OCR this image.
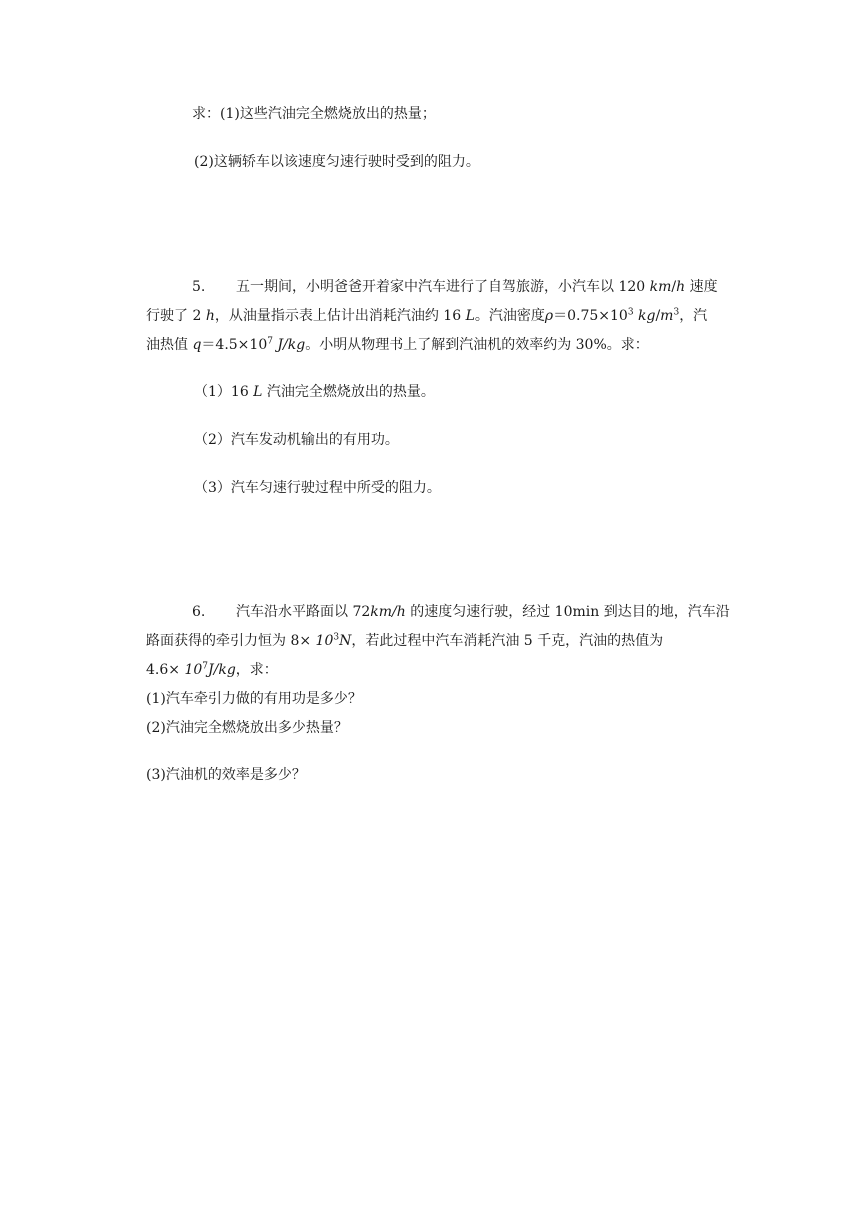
求：(1)这些汽油完全燃烧放出的热量；
(2)这辆轿车以该速度匀速行驶时受到的阻力。
5. 五一期间，小明爸爸开着家中汽车进行了自驾旅游，小汽车以 120 km/h 速度
行驶了 2 h，从油量指示表上估计出消耗汽油约 16 L。汽油密度$\rho=0.75\times 10^3$ $kg/m^3$，汽
油热值 $q=4.5\times 10^7$ J/kg。小明从物理书上了解到汽油机的效率约为 30%。求：
（1）16 L 汽油完全燃烧放出的热量。
（2）汽车发动机输出的有用功。
（3）汽车匀速行驶过程中所受的阻力。
6. 汽车沿水平路面以 72km/h 的速度匀速行驶，经过 10min 到达目的地，汽车沿
路面获得的牵引力恒为 $8\times 10^3N$，若此过程中汽车消耗汽油 5 千克，汽油的热值为
$4.6\times 10^7J/kg$，求：
(1)汽车牵引力做的有用功是多少？
(2)汽油完全燃烧放出多少热量？
(3)汽油机的效率是多少？
